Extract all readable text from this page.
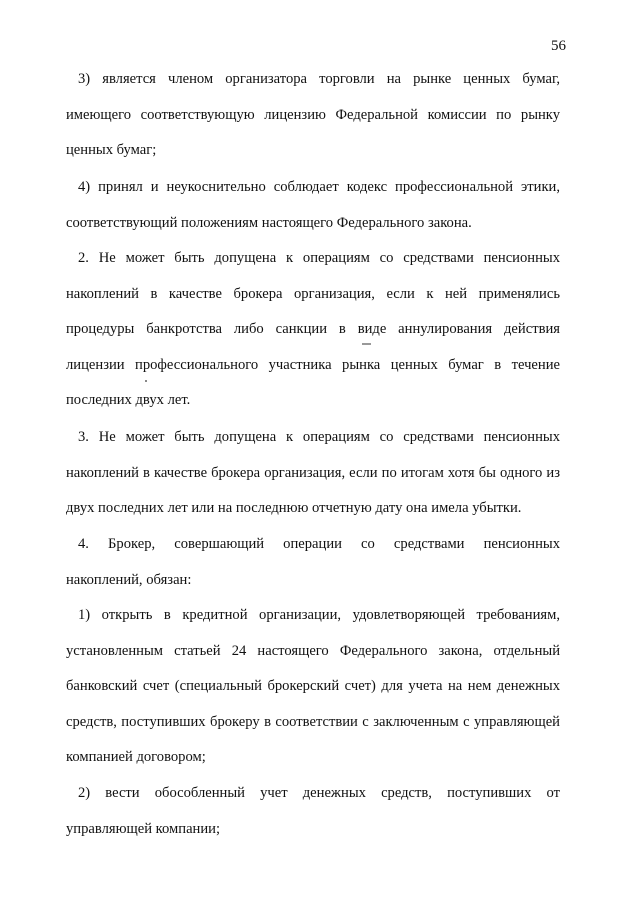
56

3) является членом организатора торговли на рынке ценных бумаг,
имеющего соответствующую лицензию Федеральной комиссии по рынку
ценных бумаг;

4) принял и неукоснительно соблюдает кодекс профессиональной этики,
соответствующий положениям настоящего Федерального закона.

2. Не может быть допущена к операциям со средствами пенсионных
накоплений в качестве брокера организация, если к ней применялись
процедуры банкротства либо санкции в виде аннулирования действия
лицензии профессионального участника рынка ценных бумаг в течение
последних двух лет.

3. Не может быть допущена к операциям со средствами пенсионных
накоплений в качестве брокера организация, если по итогам хотя бы одного из
двух последних лет или на последнюю отчетную дату она имела убытки.

4. Брокер, совершающий операции со средствами пенсионных
накоплений, обязан:

1) открыть в кредитной организации, удовлетворяющей требованиям,
установленным статьей 24 настоящего Федерального закона, отдельный
банковский счет (специальный брокерский счет) для учета на нем денежных
средств, поступивших брокеру в соответствии с заключенным с управляющей
компанией договором;

2) вести обособленный учет денежных средств, поступивших от
управляющей компании;
